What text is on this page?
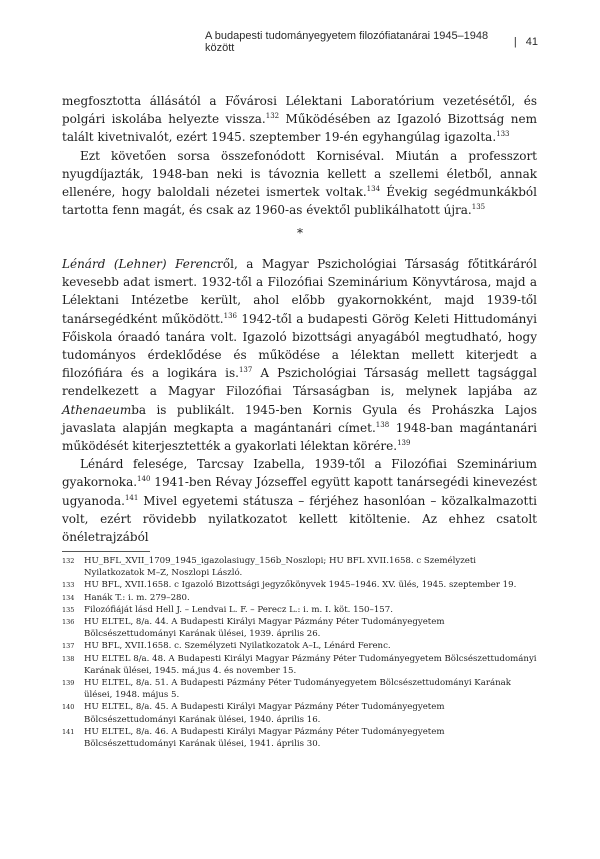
A budapesti tudományegyetem filozófiatanárai 1945–1948 között	| 41

megfosztotta állásától a Fővárosi Lélektani Laboratórium vezetésétől, és polgári iskolába helyezte vissza.$^{132}$ Működésében az Igazoló Bizottság nem talált kivetnivalót, ezért 1945. szeptember 19-én egyhangúlag igazolta.$^{133}$

Ezt követően sorsa összefonódott Korniséval. Miután a professzort nyugdíjazták, 1948-ban neki is távoznia kellett a szellemi életből, annak ellenére, hogy baloldali nézetei ismertek voltak.$^{134}$ Évekig segédmunkákból tartotta fenn magát, és csak az 1960-as évektől publikálhatott újra.$^{135}$

*

Lénárd (Lehner) Ferencről, a Magyar Pszichológiai Társaság főtitkáráról kevesebb adat ismert. 1932-től a Filozófiai Szeminárium Könyvtárosa, majd a Lélektani Intézetbe került, ahol előbb gyakornokként, majd 1939-től tanársegédként működött.$^{136}$ 1942-től a budapesti Görög Keleti Hittudományi Főiskola óraadó tanára volt. Igazoló bizottsági anyagából megtudható, hogy tudományos érdeklődése és működése a lélektan mellett kiterjedt a filozófiára és a logikára is.$^{137}$ A Pszichológiai Társaság mellett tagsággal rendelkezett a Magyar Filozófiai Társaságban is, melynek lapjába az Athenaeumba is publikált. 1945-ben Kornis Gyula és Prohászka Lajos javaslata alapján megkapta a magántanári címet.$^{138}$ 1948-ban magántanári működését kiterjesztették a gyakorlati lélektan körére.$^{139}$

Lénárd felesége, Tarcsay Izabella, 1939-től a Filozófiai Szeminárium gyakornoka.$^{140}$ 1941-ben Révay Józseffel együtt kapott tanársegédi kinevezést ugyanoda.$^{141}$ Mivel egyetemi státusza – férjéhez hasonlóan – közalkalmazotti volt, ezért rövidebb nyilatkozatot kellett kitöltenie. Az ehhez csatolt önéletrajzából

132 HU_BFL_XVII_1709_1945_igazolasiugy_156b_Noszlopi; HU BFL XVII.1658. c Személyzeti Nyilatkozatok M–Z, Noszlopi László.

133 HU BFL, XVII.1658. c Igazoló Bizottsági jegyzőkönyvek 1945–1946. XV. ülés, 1945. szeptember 19.

134 Hanák T.: i. m. 279–280.

135 Filozófiáját lásd Hell J. – Lendvai L. F. – Perecz L.: i. m. I. köt. 150–157.

136 HU ELTEL, 8/a. 44. A Budapesti Királyi Magyar Pázmány Péter Tudományegyetem Bölcsészettudományi Karának ülései, 1939. április 26.

137 HU BFL, XVII.1658. c. Személyzeti Nyilatkozatok A–L, Lénárd Ferenc.

138 HU ELTEL 8/a. 48. A Budapesti Királyi Magyar Pázmány Péter Tudományegyetem Bölcsészettudományi Karának ülései, 1945. má,jus 4. és november 15.

139 HU ELTEL, 8/a. 51. A Budapesti Pázmány Péter Tudományegyetem Bölcsészettudományi Karának ülései, 1948. május 5.

140 HU ELTEL, 8/a. 45. A Budapesti Királyi Magyar Pázmány Péter Tudományegyetem Bölcsészettudományi Karának ülései, 1940. április 16.

141 HU ELTEL, 8/a. 46. A Budapesti Királyi Magyar Pázmány Péter Tudományegyetem Bölcsészettudományi Karának ülései, 1941. április 30.
